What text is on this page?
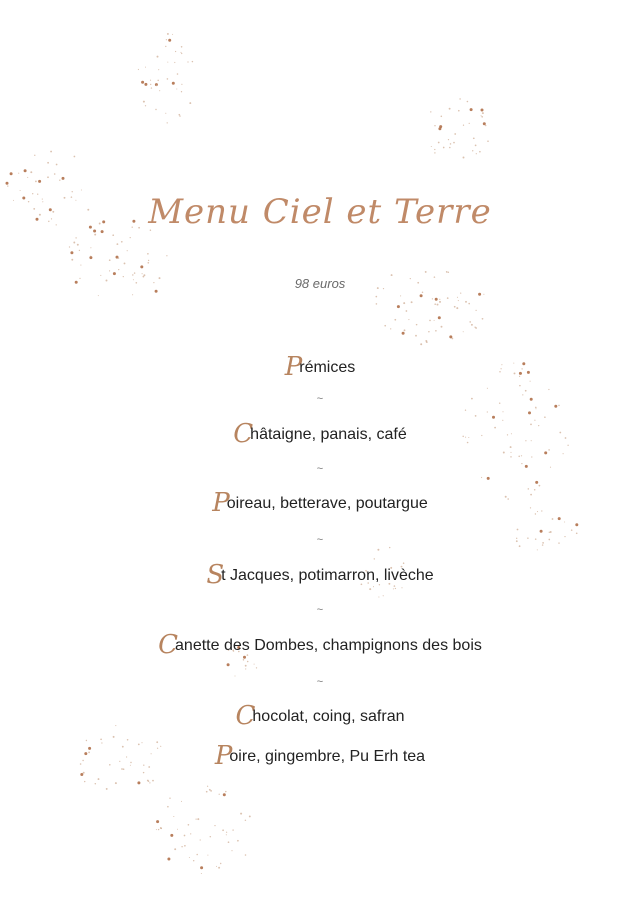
Menu Ciel et Terre
98 euros
Prémices
~
Châtaigne, panais, café
~
Poireau, betterave, poutargue
~
St Jacques, potimarron, livèche
~
Canette des Dombes, champignons des bois
~
Chocolat, coing, safran
Poire, gingembre, Pu Erh tea
